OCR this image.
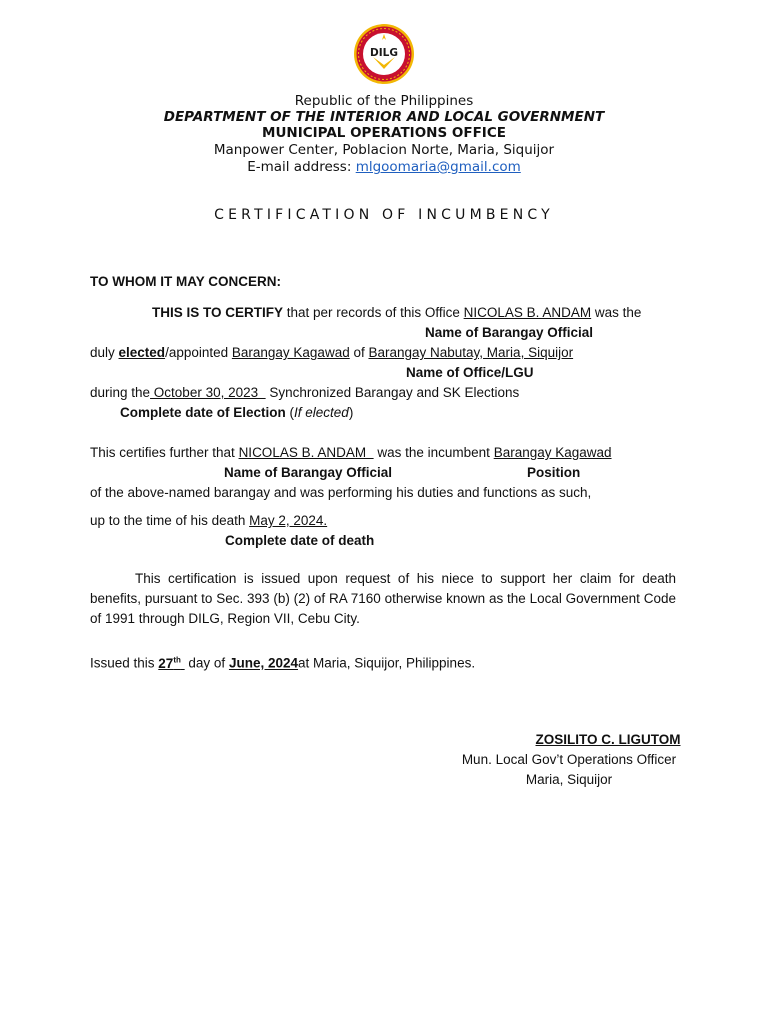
DILG
Republic of the Philippines
DEPARTMENT OF THE INTERIOR AND LOCAL GOVERNMENT
MUNICIPAL OPERATIONS OFFICE
Manpower Center, Poblacion Norte, Maria, Siquijor
E-mail address: mlgoomaria@gmail.com
CERTIFICATION OF INCUMBENCY
TO WHOM IT MAY CONCERN:
THIS IS TO CERTIFY that per records of this Office NICOLAS B. ANDAM was the
Name of Barangay Official
duly elected/appointed Barangay Kagawad of Barangay Nabutay, Maria, Siquijor
Name of Office/LGU
during the October 30, 2023   Synchronized Barangay and SK Elections
Complete date of Election (If elected)
This certifies further that NICOLAS B. ANDAM   was the incumbent Barangay Kagawad
Name of Barangay Official	Position
of the above-named barangay and was performing his duties and functions as such,
up to the time of his death May 2, 2024.
Complete date of death
This certification is issued upon request of his niece to support her claim for death benefits, pursuant to Sec. 393 (b) (2) of RA 7160 otherwise known as the Local Government Code of 1991 through DILG, Region VII, Cebu City.
Issued this 27th  day of June, 2024at Maria, Siquijor, Philippines.
ZOSILITO C. LIGUTOM
Mun. Local Gov’t Operations Officer
Maria, Siquijor
